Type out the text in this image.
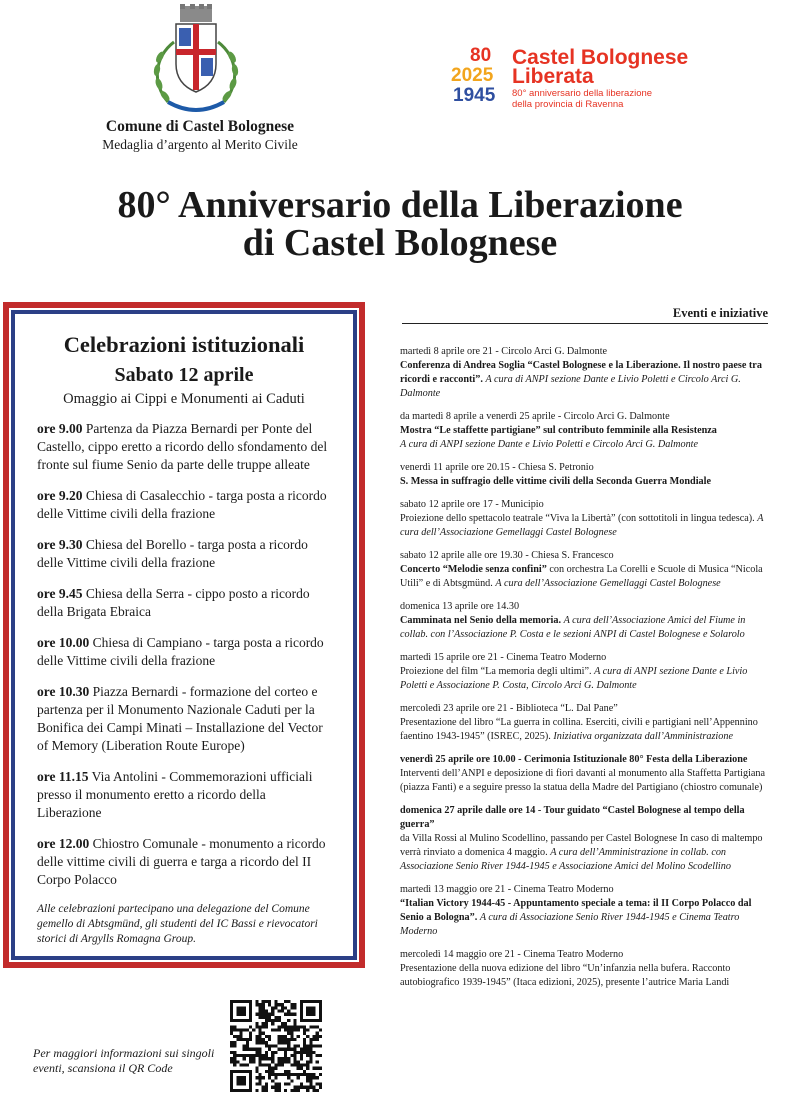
Comune di Castel Bolognese
Medaglia d’argento al Merito Civile
80
2025
1945
Castel Bolognese
Liberata
80° anniversario della liberazione
della provincia di Ravenna
80° Anniversario della Liberazione
di Castel Bolognese
Celebrazioni istituzionali
Sabato 12 aprile
Omaggio ai Cippi e Monumenti ai Caduti
ore 9.00 Partenza da Piazza Bernardi per Ponte del Castello, cippo eretto a ricordo dello sfondamento del fronte sul fiume Senio da parte delle truppe alleate
ore 9.20 Chiesa di Casalecchio - targa posta a ricordo delle Vittime civili della frazione
ore 9.30 Chiesa del Borello - targa posta a ricordo delle Vittime civili della frazione
ore 9.45 Chiesa della Serra - cippo posto a ricordo della Brigata Ebraica
ore 10.00 Chiesa di Campiano - targa posta a ricordo delle Vittime civili della frazione
ore 10.30 Piazza Bernardi - formazione del corteo e partenza per il Monumento Nazionale Caduti per la Bonifica dei Campi Minati – Installazione del Vector of Memory (Liberation Route Europe)
ore 11.15 Via Antolini - Commemorazioni ufficiali presso il monumento eretto a ricordo della Liberazione
ore 12.00 Chiostro Comunale - monumento a ricordo delle vittime civili di guerra e targa a ricordo del II Corpo Polacco
Alle celebrazioni partecipano una delegazione del Comune gemello di Abtsgmünd, gli studenti del IC Bassi e rievocatori storici di Argylls Romagna Group.
Per maggiori informazioni sui singoli eventi, scansiona il QR Code
Eventi e iniziative
martedì 8 aprile ore 21 - Circolo Arci G. Dalmonte
Conferenza di Andrea Soglia “Castel Bolognese e la Liberazione. Il nostro paese tra ricordi e racconti”. A cura di ANPI sezione Dante e Livio Poletti e Circolo Arci G. Dalmonte
da martedì 8 aprile a venerdì 25 aprile - Circolo Arci G. Dalmonte
Mostra “Le staffette partigiane” sul contributo femminile alla Resistenza
A cura di ANPI sezione Dante e Livio Poletti e Circolo Arci G. Dalmonte
venerdì 11 aprile ore 20.15 - Chiesa S. Petronio
S. Messa in suffragio delle vittime civili della Seconda Guerra Mondiale
sabato 12 aprile ore 17 - Municipio
Proiezione dello spettacolo teatrale “Viva la Libertà” (con sottotitoli in lingua tedesca). A cura dell’Associazione Gemellaggi Castel Bolognese
sabato 12 aprile alle ore 19.30 - Chiesa S. Francesco
Concerto “Melodie senza confini” con orchestra La Corelli e Scuole di Musica “Nicola Utili” e di Abtsgmünd. A cura dell’Associazione Gemellaggi Castel Bolognese
domenica 13 aprile ore 14.30
Camminata nel Senio della memoria. A cura dell’Associazione Amici del Fiume in collab. con l’Associazione P. Costa e le sezioni ANPI di Castel Bolognese e Solarolo
martedì 15 aprile ore 21 - Cinema Teatro Moderno
Proiezione del film “La memoria degli ultimi”. A cura di ANPI sezione Dante e Livio Poletti e Associazione P. Costa, Circolo Arci G. Dalmonte
mercoledì 23 aprile ore 21 - Biblioteca “L. Dal Pane”
Presentazione del libro “La guerra in collina. Eserciti, civili e partigiani nell’Appennino faentino 1943-1945” (ISREC, 2025). Iniziativa organizzata dall’Amministrazione
venerdì 25 aprile ore 10.00 - Cerimonia Istituzionale 80° Festa della Liberazione
Interventi dell’ANPI e deposizione di fiori davanti al monumento alla Staffetta Partigiana (piazza Fanti) e a seguire presso la statua della Madre del Partigiano (chiostro comunale)
domenica 27 aprile dalle ore 14 - Tour guidato “Castel Bolognese al tempo della guerra”
da Villa Rossi al Mulino Scodellino, passando per Castel Bolognese In caso di maltempo verrà rinviato a domenica 4 maggio. A cura dell’Amministrazione in collab. con Associazione Senio River 1944-1945 e Associazione Amici del Molino Scodellino
martedì 13 maggio ore 21 - Cinema Teatro Moderno
“Italian Victory 1944-45 - Appuntamento speciale a tema: il II Corpo Polacco dal Senio a Bologna”. A cura di Associazione Senio River 1944-1945 e Cinema Teatro Moderno
mercoledì 14 maggio ore 21 - Cinema Teatro Moderno
Presentazione della nuova edizione del libro “Un’infanzia nella bufera. Racconto autobiografico 1939-1945” (Itaca edizioni, 2025), presente l’autrice Maria Landi
